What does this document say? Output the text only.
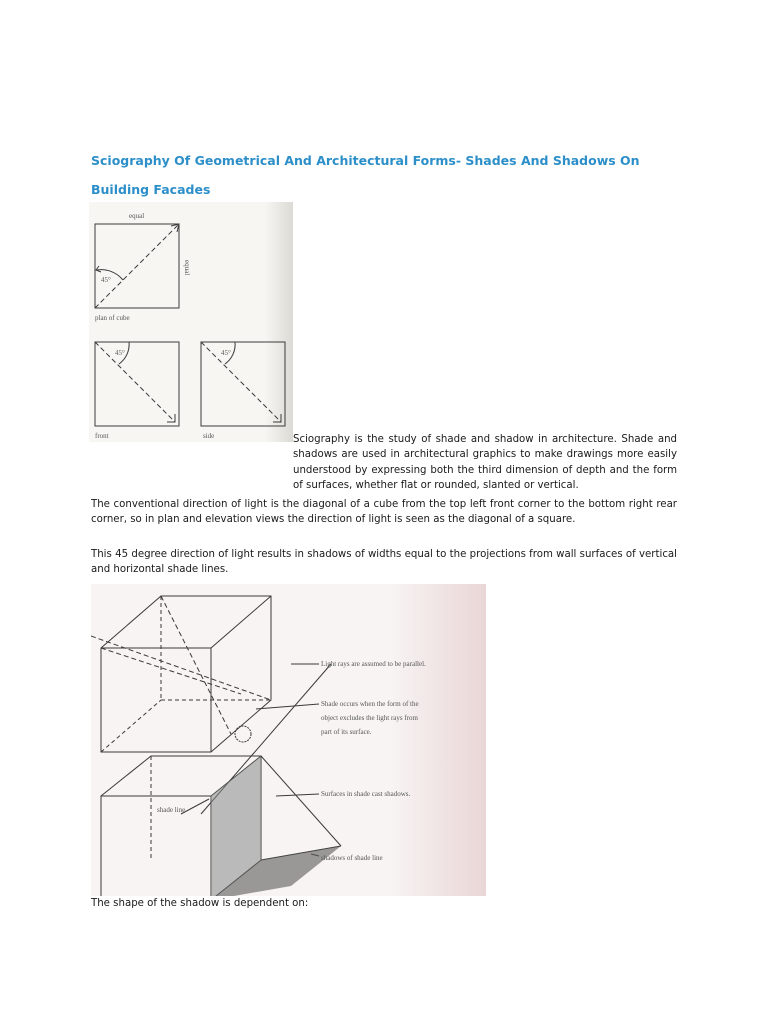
Sciography Of Geometrical And Architectural Forms- Shades And Shadows On Building Facades
equal
equal
45°
plan of cube
45°	45°
front	side	Sciography is the study of shade and shadow in architecture. Shade and shadows are used in architectural graphics to make drawings more easily understood by expressing both the third dimension of depth and the form of surfaces, whether flat or rounded, slanted or vertical.

The conventional direction of light is the diagonal of a cube from the top left front corner to the bottom right rear corner, so in plan and elevation views the direction of light is seen as the diagonal of a square.

This 45 degree direction of light results in shadows of widths equal to the projections from wall surfaces of vertical and horizontal shade lines.

Light rays are assumed to be parallel.
Shade occurs when the form of the
object excludes the light rays from
part of its surface.
shade line
Surfaces in shade cast shadows.
shadows of shade line

The shape of the shadow is dependent on:
